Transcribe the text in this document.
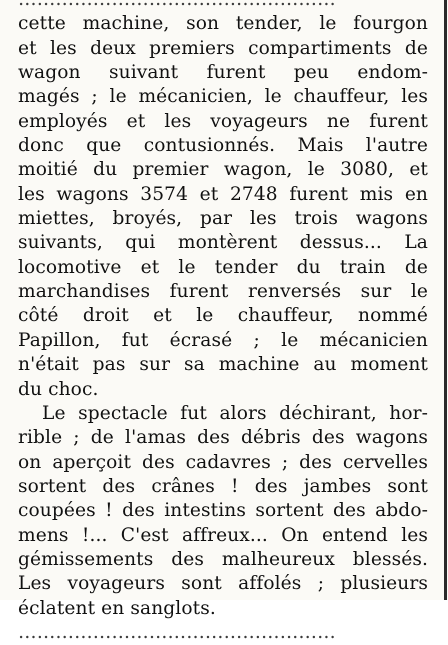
cette machine, son tender, le fourgon
et les deux premiers compartiments de
wagon suivant furent peu endom-
magés ; le mécanicien, le chauffeur, les
employés et les voyageurs ne furent
donc que contusionnés. Mais l'autre
moitié du premier wagon, le 3080, et
les wagons 3574 et 2748 furent mis en
miettes, broyés, par les trois wagons
suivants, qui montèrent dessus... La
locomotive et le tender du train de
marchandises furent renversés sur le
côté droit et le chauffeur, nommé
Papillon, fut écrasé ; le mécanicien
n'était pas sur sa machine au moment
du choc.
Le spectacle fut alors déchirant, hor-
rible ; de l'amas des débris des wagons
on aperçoit des cadavres ; des cervelles
sortent des crânes ! des jambes sont
coupées ! des intestins sortent des abdo-
mens !... C'est affreux... On entend les
gémissements des malheureux blessés.
Les voyageurs sont affolés ; plusieurs
éclatent en sanglots.
……………………………………………
